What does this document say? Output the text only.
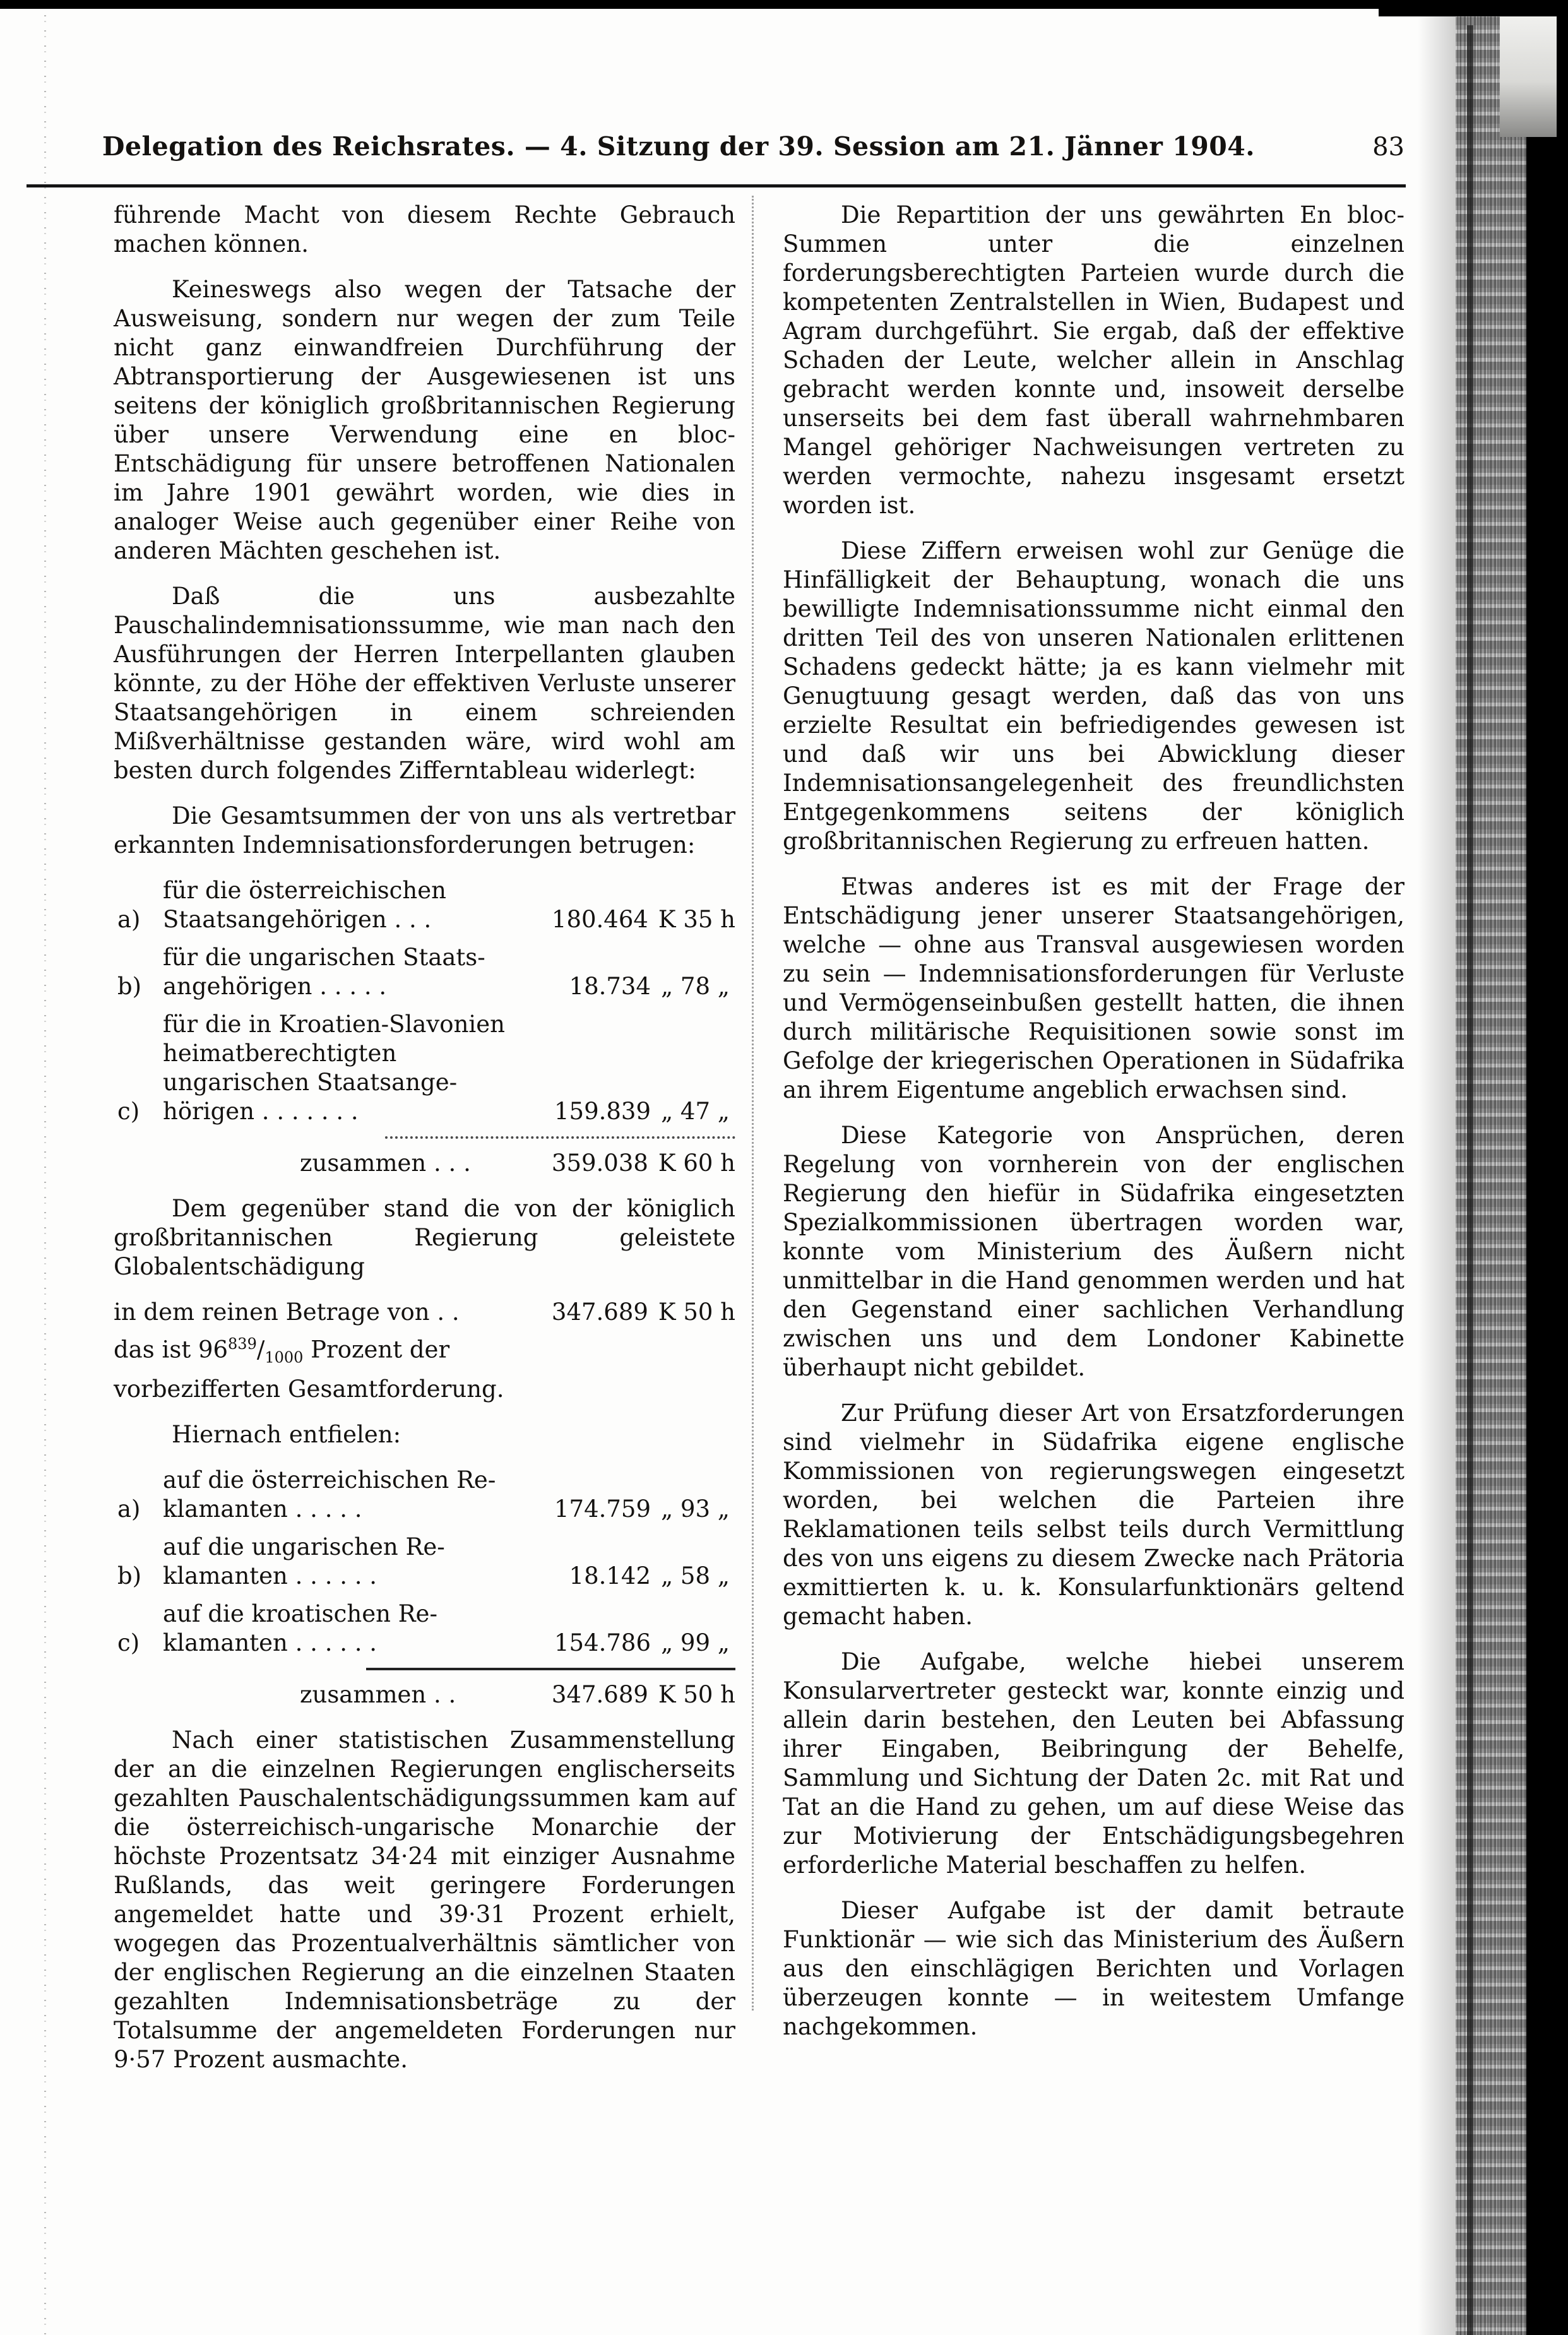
Delegation des Reichsrates. — 4. Sitzung der 39. Session am 21. Jänner 1904.	83

führende Macht von diesem Rechte Gebrauch machen können.

Keineswegs also wegen der Tatsache der Ausweisung, sondern nur wegen der zum Teile nicht ganz einwandfreien Durchführung der Abtransportierung der Ausgewiesenen ist uns seitens der königlich großbritannischen Regierung über unsere Verwendung eine en bloc-Entschädigung für unsere betroffenen Nationalen im Jahre 1901 gewährt worden, wie dies in analoger Weise auch gegenüber einer Reihe von anderen Mächten geschehen ist.

Daß die uns ausbezahlte Pauschalindemnisationssumme, wie man nach den Ausführungen der Herren Interpellanten glauben könnte, zu der Höhe der effektiven Verluste unserer Staatsangehörigen in einem schreienden Mißverhältnisse gestanden wäre, wird wohl am besten durch folgendes Zifferntableau widerlegt:

Die Gesamtsummen der von uns als vertretbar erkannten Indemnisationsforderungen betrugen:

a)
für die österreichischen
Staatsangehörigen . . .	180.464 K 35 h
b)
für die ungarischen Staats-
angehörigen . . . . .	18.734 „ 78 „
c)
für die in Kroatien-Slavonien
heimatberechtigten
ungarischen Staatsange-
hörigen . . . . . . .	159.839 „ 47 „
zusammen . . .	359.038 K 60 h

Dem gegenüber stand die von der königlich großbritannischen Regierung geleistete Globalentschädigung

in dem reinen Betrage von . .	347.689 K 50 h
das ist $96^{839}/_{1000}$ Prozent der
vorbezifferten Gesamtforderung.

Hiernach entfielen:

a)
auf die österreichischen Re-
klamanten . . . . .	174.759 „ 93 „
b)
auf die ungarischen Re-
klamanten . . . . . .	18.142 „ 58 „
c)
auf die kroatischen Re-
klamanten . . . . . .	154.786 „ 99 „
zusammen . .	347.689 K 50 h

Nach einer statistischen Zusammenstellung der an die einzelnen Regierungen englischerseits gezahlten Pauschalentschädigungssummen kam auf die österreichisch-ungarische Monarchie der höchste Prozentsatz 34·24 mit einziger Ausnahme Rußlands, das weit geringere Forderungen angemeldet hatte und 39·31 Prozent erhielt, wogegen das Prozentualverhältnis sämtlicher von der englischen Regierung an die einzelnen Staaten gezahlten Indemnisationsbeträge zu der Totalsumme der angemeldeten Forderungen nur 9·57 Prozent ausmachte.

Die Repartition der uns gewährten En bloc-Summen unter die einzelnen forderungsberechtigten Parteien wurde durch die kompetenten Zentralstellen in Wien, Budapest und Agram durchgeführt. Sie ergab, daß der effektive Schaden der Leute, welcher allein in Anschlag gebracht werden konnte und, insoweit derselbe unserseits bei dem fast überall wahrnehmbaren Mangel gehöriger Nachweisungen vertreten zu werden vermochte, nahezu insgesamt ersetzt worden ist.

Diese Ziffern erweisen wohl zur Genüge die Hinfälligkeit der Behauptung, wonach die uns bewilligte Indemnisationssumme nicht einmal den dritten Teil des von unseren Nationalen erlittenen Schadens gedeckt hätte; ja es kann vielmehr mit Genugtuung gesagt werden, daß das von uns erzielte Resultat ein befriedigendes gewesen ist und daß wir uns bei Abwicklung dieser Indemnisationsangelegenheit des freundlichsten Entgegenkommens seitens der königlich großbritannischen Regierung zu erfreuen hatten.

Etwas anderes ist es mit der Frage der Entschädigung jener unserer Staatsangehörigen, welche — ohne aus Transval ausgewiesen worden zu sein — Indemnisationsforderungen für Verluste und Vermögenseinbußen gestellt hatten, die ihnen durch militärische Requisitionen sowie sonst im Gefolge der kriegerischen Operationen in Südafrika an ihrem Eigentume angeblich erwachsen sind.

Diese Kategorie von Ansprüchen, deren Regelung von vornherein von der englischen Regierung den hiefür in Südafrika eingesetzten Spezialkommissionen übertragen worden war, konnte vom Ministerium des Äußern nicht unmittelbar in die Hand genommen werden und hat den Gegenstand einer sachlichen Verhandlung zwischen uns und dem Londoner Kabinette überhaupt nicht gebildet.

Zur Prüfung dieser Art von Ersatzforderungen sind vielmehr in Südafrika eigene englische Kommissionen von regierungswegen eingesetzt worden, bei welchen die Parteien ihre Reklamationen teils selbst teils durch Vermittlung des von uns eigens zu diesem Zwecke nach Prätoria exmittierten k. u. k. Konsularfunktionärs geltend gemacht haben.

Die Aufgabe, welche hiebei unserem Konsularvertreter gesteckt war, konnte einzig und allein darin bestehen, den Leuten bei Abfassung ihrer Eingaben, Beibringung der Behelfe, Sammlung und Sichtung der Daten 2c. mit Rat und Tat an die Hand zu gehen, um auf diese Weise das zur Motivierung der Entschädigungsbegehren erforderliche Material beschaffen zu helfen.

Dieser Aufgabe ist der damit betraute Funktionär — wie sich das Ministerium des Äußern aus den einschlägigen Berichten und Vorlagen überzeugen konnte — in weitestem Umfange nachgekommen.
